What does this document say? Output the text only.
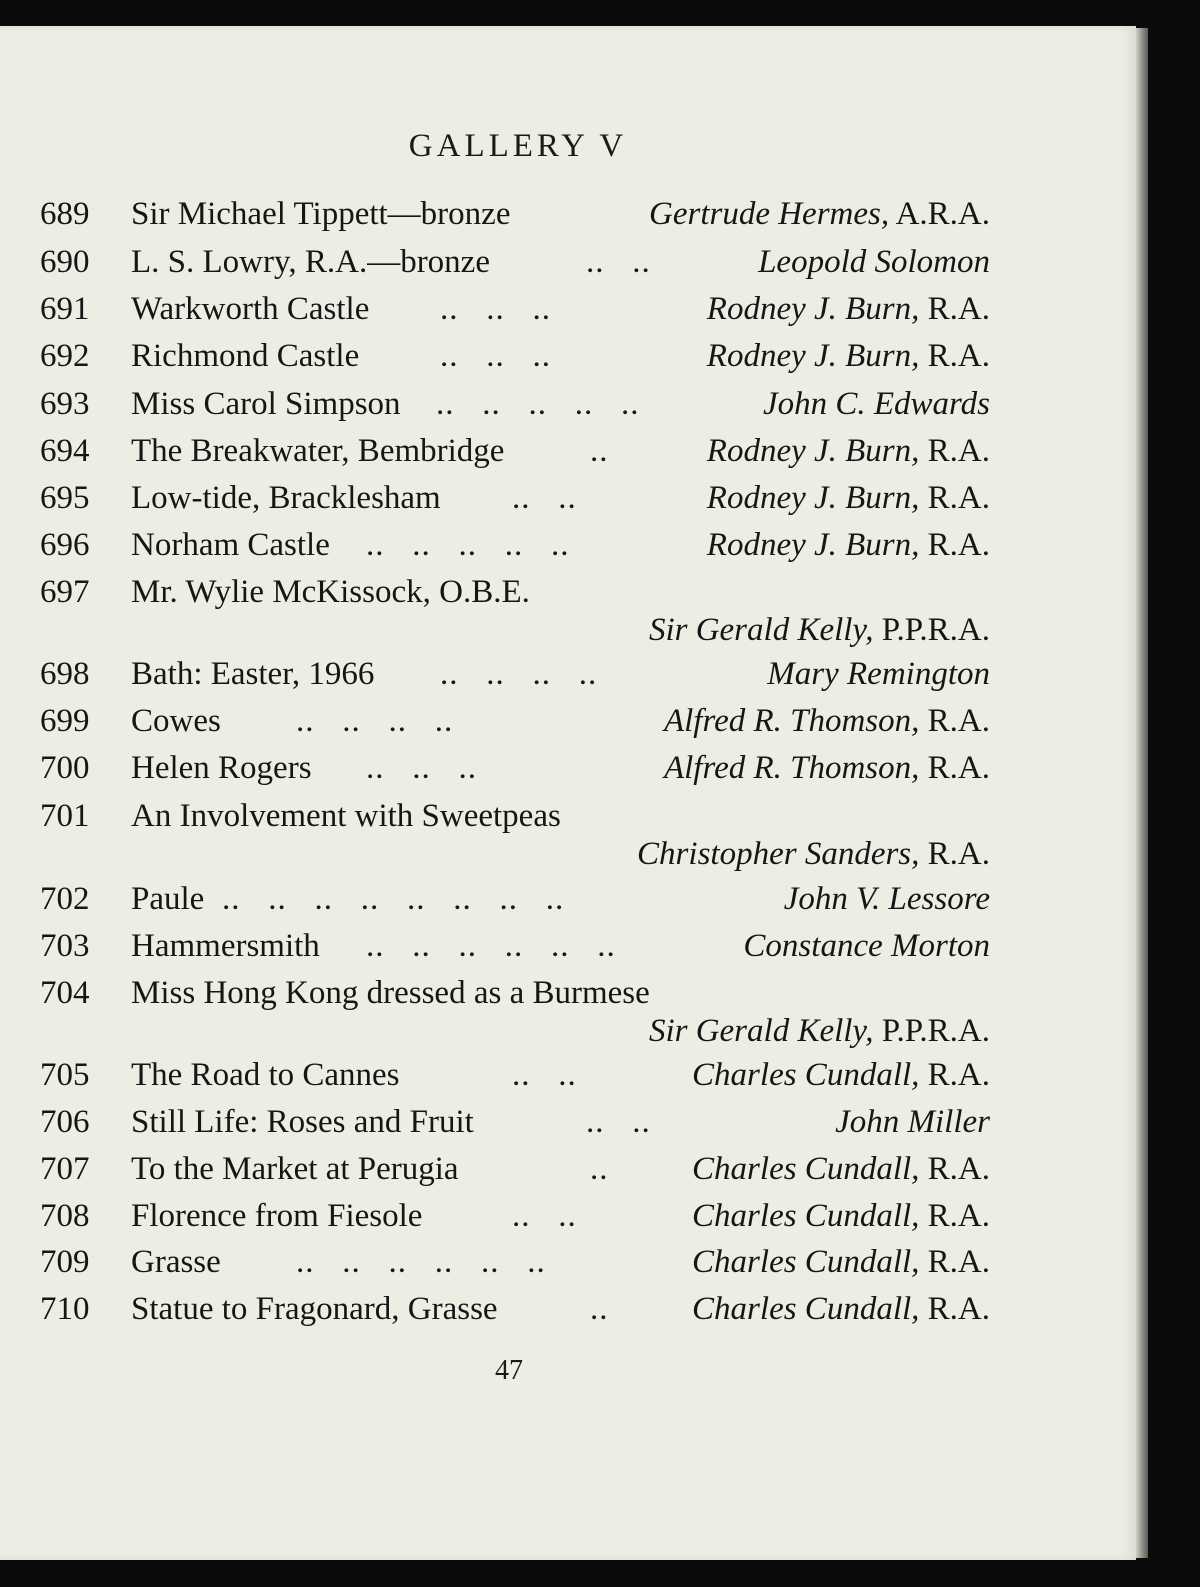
GALLERY V
689 Sir Michael Tippett—bronze	Gertrude Hermes, A.R.A.
690 L. S. Lowry, R.A.—bronze	..   ..	Leopold Solomon
691 Warkworth Castle ..   ..   ..	Rodney J. Burn, R.A.
692 Richmond Castle ..   ..   ..	Rodney J. Burn, R.A.
693 Miss Carol Simpson ..   ..   ..   ..   ..	John C. Edwards
694 The Breakwater, Bembridge	..	Rodney J. Burn, R.A.
695 Low-tide, Bracklesham ..   ..	Rodney J. Burn, R.A.
696 Norham Castle ..   ..   ..   ..   ..	Rodney J. Burn, R.A.
697 Mr. Wylie McKissock, O.B.E.
Sir Gerald Kelly, P.P.R.A.
698 Bath: Easter, 1966 ..   ..   ..   ..	Mary Remington
699 Cowes ..   ..   ..   ..	Alfred R. Thomson, R.A.
700 Helen Rogers ..   ..   ..	Alfred R. Thomson, R.A.
701 An Involvement with Sweetpeas
Christopher Sanders, R.A.
702 Paule ..   ..   ..   ..   ..   ..   ..   ..	John V. Lessore
703 Hammersmith ..   ..   ..   ..   ..   ..	Constance Morton
704 Miss Hong Kong dressed as a Burmese
Sir Gerald Kelly, P.P.R.A.
705 The Road to Cannes	..   ..	Charles Cundall, R.A.
706 Still Life: Roses and Fruit	..   ..	John Miller
707 To the Market at Perugia	..	Charles Cundall, R.A.
708 Florence from Fiesole	..   ..	Charles Cundall, R.A.
709 Grasse ..   ..   ..   ..   ..   ..	Charles Cundall, R.A.
710 Statue to Fragonard, Grasse	..	Charles Cundall, R.A.
47
